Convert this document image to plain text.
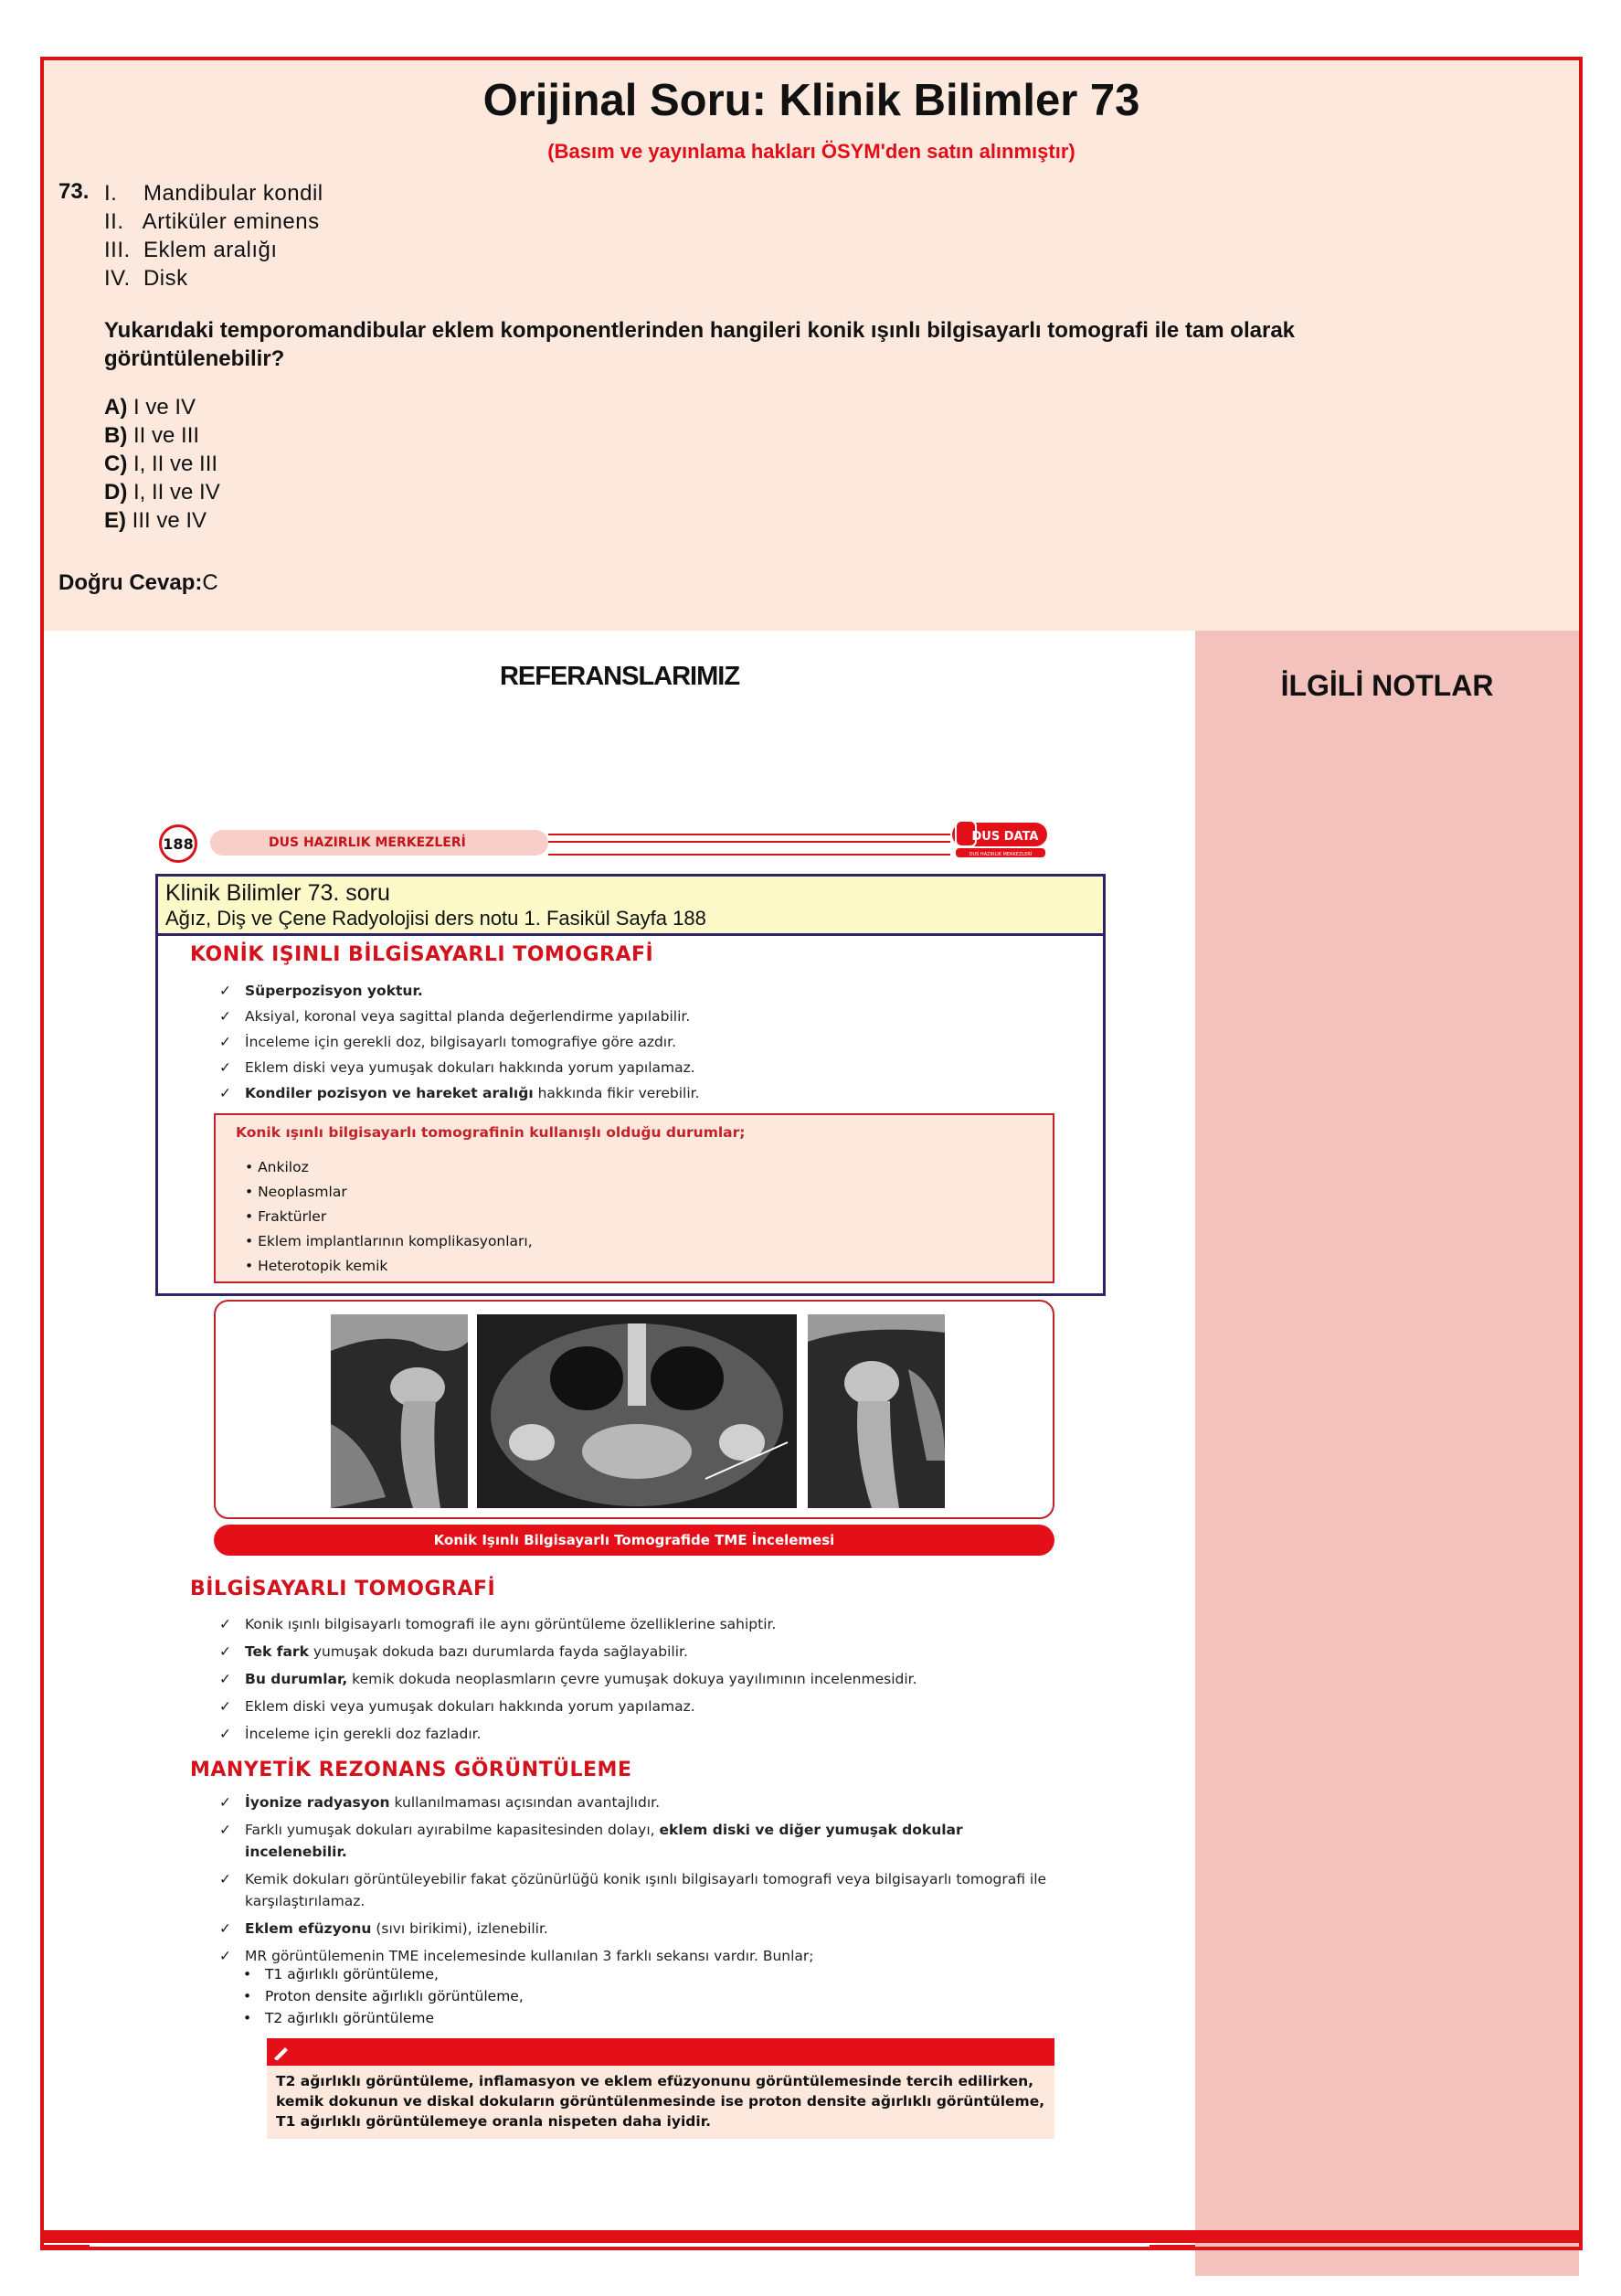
Orijinal Soru: Klinik Bilimler 73
(Basım ve yayınlama hakları ÖSYM'den satın alınmıştır)
73. I.    Mandibular kondil
II.   Artiküler eminens
III.  Eklem aralığı
IV.  Disk
Yukarıdaki temporomandibular eklem komponentlerinden hangileri konik ışınlı bilgisayarlı tomografi ile tam olarak görüntülenebilir?
A) I ve IV
B) II ve III
C) I, II ve III
D) I, II ve IV
E) III ve IV
Doğru Cevap:C
REFERANSLARIMIZ	İLGİLİ NOTLAR
188	DUS HAZIRLIK MERKEZLERİ	DUS DATA
DUS HAZIRLIK MERKEZLERİ
Klinik Bilimler 73. soru
Ağız, Diş ve Çene Radyolojisi ders notu 1. Fasikül Sayfa 188
KONİK IŞINLI BİLGİSAYARLI TOMOGRAFİ
✓ Süperpozisyon yoktur.
✓ Aksiyal, koronal veya sagittal planda değerlendirme yapılabilir.
✓ İnceleme için gerekli doz, bilgisayarlı tomografiye göre azdır.
✓ Eklem diski veya yumuşak dokuları hakkında yorum yapılamaz.
✓ Kondiler pozisyon ve hareket aralığı hakkında fikir verebilir.
Konik ışınlı bilgisayarlı tomografinin kullanışlı olduğu durumlar;
• Ankiloz
• Neoplasmlar
• Fraktürler
• Eklem implantlarının komplikasyonları,
• Heterotopik kemik
Konik Işınlı Bilgisayarlı Tomografide TME İncelemesi
BİLGİSAYARLI TOMOGRAFİ
✓ Konik ışınlı bilgisayarlı tomografi ile aynı görüntüleme özelliklerine sahiptir.
✓ Tek fark yumuşak dokuda bazı durumlarda fayda sağlayabilir.
✓ Bu durumlar, kemik dokuda neoplasmların çevre yumuşak dokuya yayılımının incelenmesidir.
✓ Eklem diski veya yumuşak dokuları hakkında yorum yapılamaz.
✓ İnceleme için gerekli doz fazladır.
MANYETİK REZONANS GÖRÜNTÜLEME
✓ İyonize radyasyon kullanılmaması açısından avantajlıdır.
✓ Farklı yumuşak dokuları ayırabilme kapasitesinden dolayı, eklem diski ve diğer yumuşak dokular incelenebilir.
✓ Kemik dokuları görüntüleyebilir fakat çözünürlüğü konik ışınlı bilgisayarlı tomografi veya bilgisayarlı tomografi ile karşılaştırılamaz.
✓ Eklem efüzyonu (sıvı birikimi), izlenebilir.
✓ MR görüntülemenin TME incelemesinde kullanılan 3 farklı sekansı vardır. Bunlar;
•   T1 ağırlıklı görüntüleme,
•   Proton densite ağırlıklı görüntüleme,
•   T2 ağırlıklı görüntüleme
T2 ağırlıklı görüntüleme, inflamasyon ve eklem efüzyonunu görüntülemesinde tercih edilirken, kemik dokunun ve diskal dokuların görüntülenmesinde ise proton densite ağırlıklı görüntüleme, T1 ağırlıklı görüntülemeye oranla nispeten daha iyidir.
